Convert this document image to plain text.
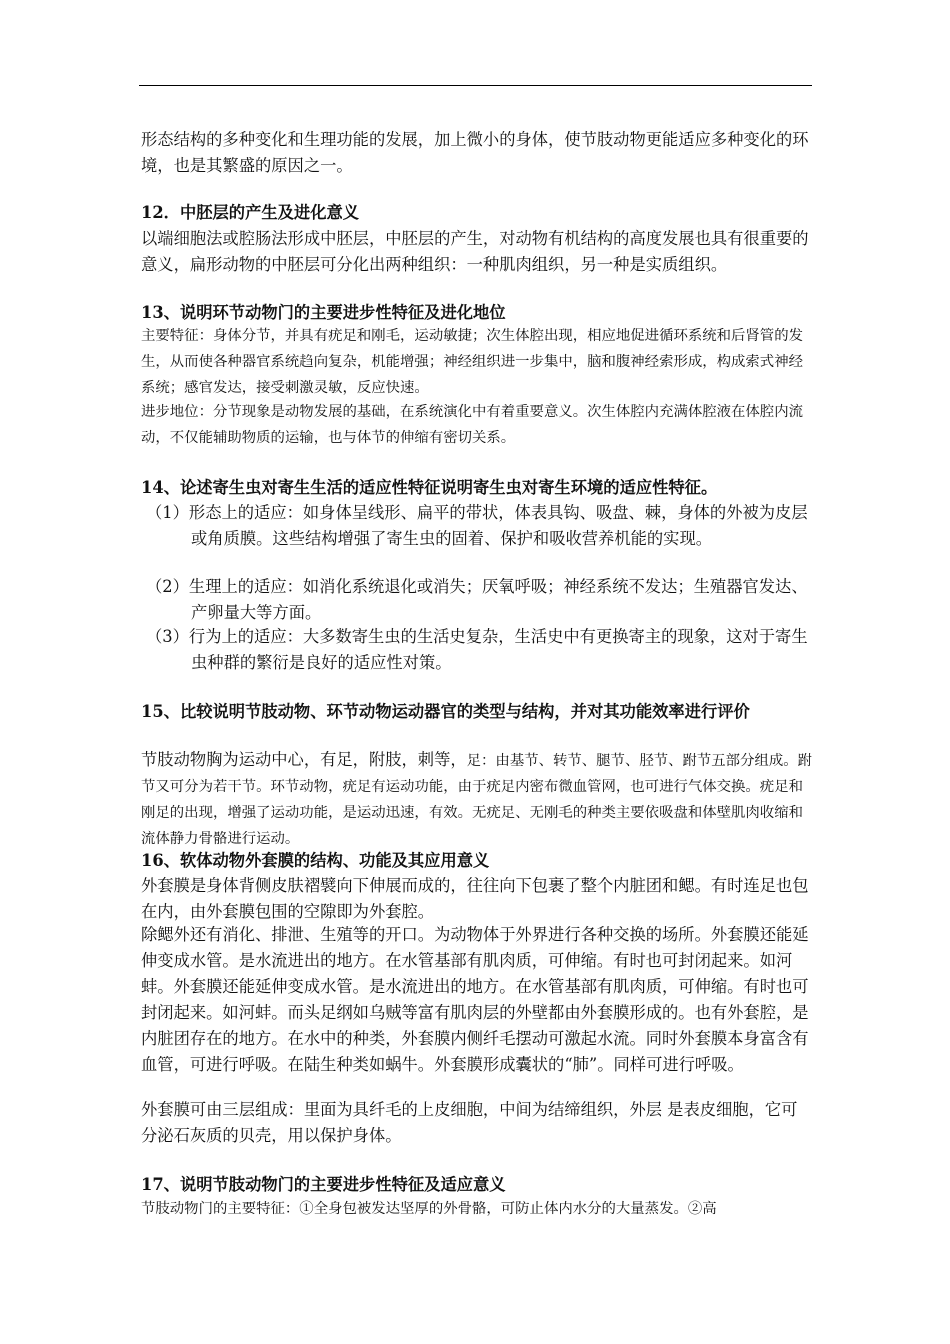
形态结构的多种变化和生理功能的发展，加上微小的身体，使节肢动物更能适应多种变化的环境，也是其繁盛的原因之一。
12．中胚层的产生及进化意义
以端细胞法或腔肠法形成中胚层，中胚层的产生，对动物有机结构的高度发展也具有很重要的意义，扁形动物的中胚层可分化出两种组织：一种肌肉组织，另一种是实质组织。
13、说明环节动物门的主要进步性特征及进化地位
主要特征：身体分节，并具有疣足和刚毛，运动敏捷；次生体腔出现，相应地促进循环系统和后肾管的发生，从而使各种器官系统趋向复杂，机能增强；神经组织进一步集中，脑和腹神经索形成，构成索式神经系统；感官发达，接受刺激灵敏，反应快速。
进步地位：分节现象是动物发展的基础，在系统演化中有着重要意义。次生体腔内充满体腔液在体腔内流动，不仅能辅助物质的运输，也与体节的伸缩有密切关系。
14、论述寄生虫对寄生生活的适应性特征说明寄生虫对寄生环境的适应性特征。
（1）形态上的适应：如身体呈线形、扁平的带状，体表具钩、吸盘、棘，身体的外被为皮层或角质膜。这些结构增强了寄生虫的固着、保护和吸收营养机能的实现。
（2）生理上的适应：如消化系统退化或消失；厌氧呼吸；神经系统不发达；生殖器官发达、产卵量大等方面。
（3）行为上的适应：大多数寄生虫的生活史复杂，生活史中有更换寄主的现象，这对于寄生虫种群的繁衍是良好的适应性对策。
15、比较说明节肢动物、环节动物运动器官的类型与结构，并对其功能效率进行评价
节肢动物胸为运动中心，有足，附肢，刺等，足：由基节、转节、腿节、胫节、跗节五部分组成。跗节又可分为若干节。环节动物，疣足有运动功能，由于疣足内密布微血管网，也可进行气体交换。疣足和刚足的出现，增强了运动功能，是运动迅速，有效。无疣足、无刚毛的种类主要依吸盘和体壁肌肉收缩和流体静力骨骼进行运动。
16、软体动物外套膜的结构、功能及其应用意义
外套膜是身体背侧皮肤褶襞向下伸展而成的，往往向下包裹了整个内脏团和鳃。有时连足也包在内，由外套膜包围的空隙即为外套腔。
除鳃外还有消化、排泄、生殖等的开口。为动物体于外界进行各种交换的场所。外套膜还能延伸变成水管。是水流进出的地方。在水管基部有肌肉质，可伸缩。有时也可封闭起来。如河蚌。外套膜还能延伸变成水管。是水流进出的地方。在水管基部有肌肉质，可伸缩。有时也可封闭起来。如河蚌。而头足纲如乌贼等富有肌肉层的外壁都由外套膜形成的。也有外套腔，是内脏团存在的地方。在水中的种类，外套膜内侧纤毛摆动可激起水流。同时外套膜本身富含有血管，可进行呼吸。在陆生种类如蜗牛。外套膜形成囊状的“肺”。同样可进行呼吸。
外套膜可由三层组成：里面为具纤毛的上皮细胞，中间为结缔组织，外层 是表皮细胞，它可分泌石灰质的贝壳，用以保护身体。
17、说明节肢动物门的主要进步性特征及适应意义
节肢动物门的主要特征：①全身包被发达坚厚的外骨骼，可防止体内水分的大量蒸发。②高
